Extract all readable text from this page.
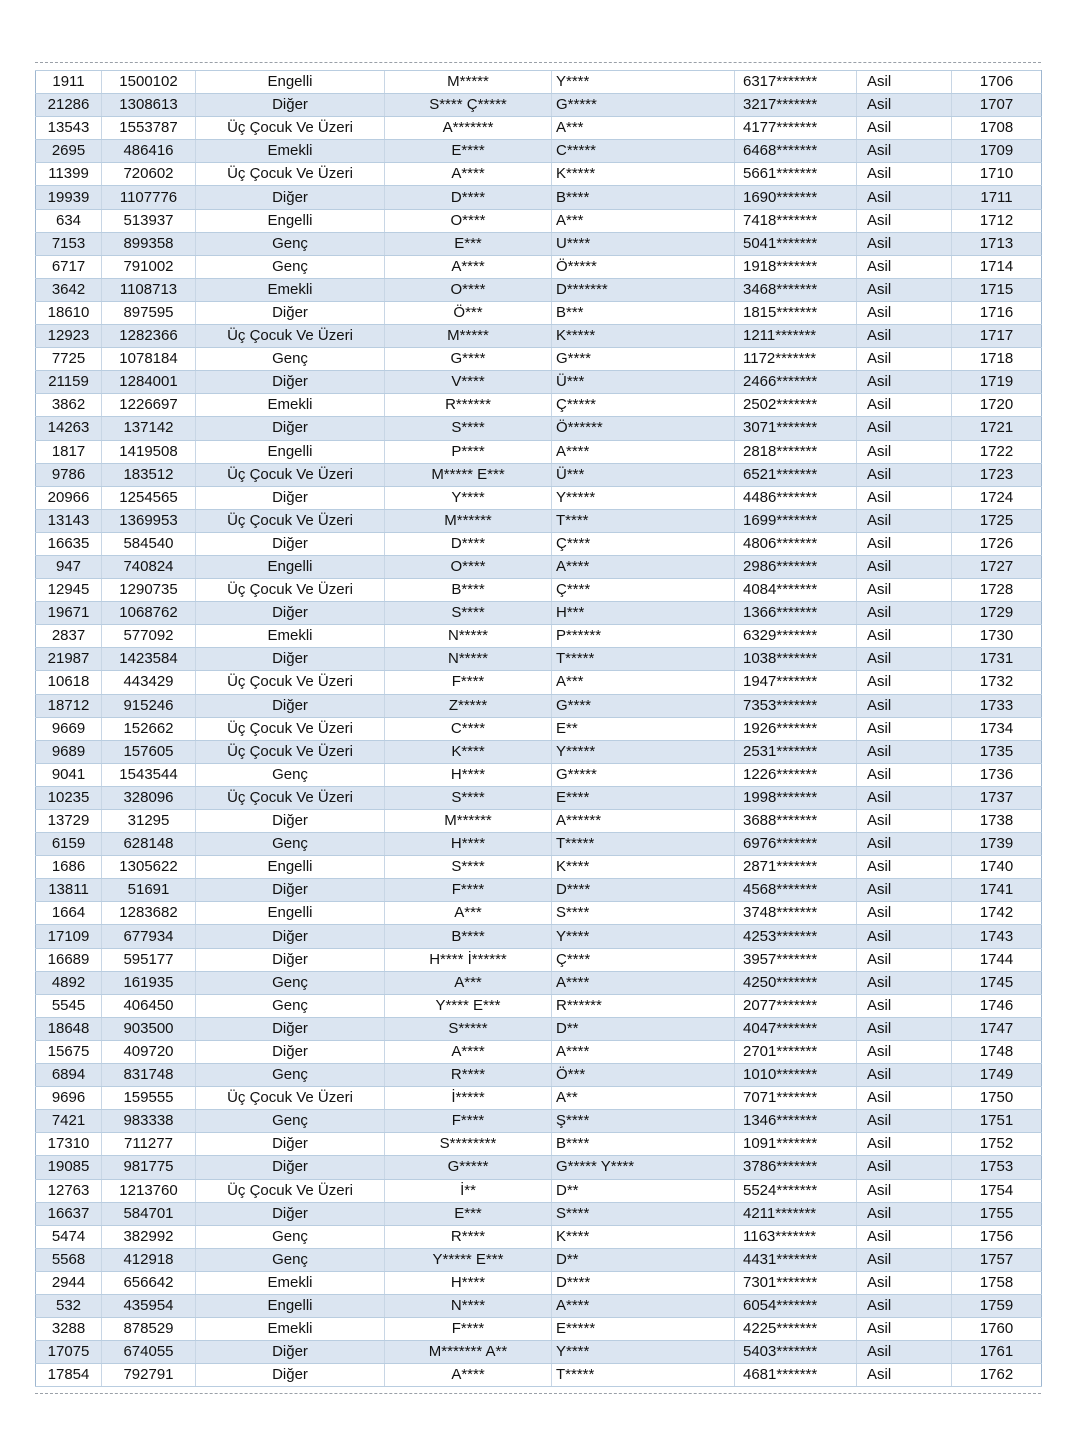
1911	1500102	Engelli	M*****	Y****	6317*******	Asil	1706
21286	1308613	Diğer	S**** Ç*****	G*****	3217*******	Asil	1707
13543	1553787	Üç Çocuk Ve Üzeri	A*******	A***	4177*******	Asil	1708
2695	486416	Emekli	E****	C*****	6468*******	Asil	1709
11399	720602	Üç Çocuk Ve Üzeri	A****	K*****	5661*******	Asil	1710
19939	1107776	Diğer	D****	B****	1690*******	Asil	1711
634	513937	Engelli	O****	A***	7418*******	Asil	1712
7153	899358	Genç	E***	U****	5041*******	Asil	1713
6717	791002	Genç	A****	Ö*****	1918*******	Asil	1714
3642	1108713	Emekli	O****	D*******	3468*******	Asil	1715
18610	897595	Diğer	Ö***	B***	1815*******	Asil	1716
12923	1282366	Üç Çocuk Ve Üzeri	M*****	K*****	1211*******	Asil	1717
7725	1078184	Genç	G****	G****	1172*******	Asil	1718
21159	1284001	Diğer	V****	Ü***	2466*******	Asil	1719
3862	1226697	Emekli	R******	Ç*****	2502*******	Asil	1720
14263	137142	Diğer	S****	Ö******	3071*******	Asil	1721
1817	1419508	Engelli	P****	A****	2818*******	Asil	1722
9786	183512	Üç Çocuk Ve Üzeri	M***** E***	Ü***	6521*******	Asil	1723
20966	1254565	Diğer	Y****	Y*****	4486*******	Asil	1724
13143	1369953	Üç Çocuk Ve Üzeri	M******	T****	1699*******	Asil	1725
16635	584540	Diğer	D****	Ç****	4806*******	Asil	1726
947	740824	Engelli	O****	A****	2986*******	Asil	1727
12945	1290735	Üç Çocuk Ve Üzeri	B****	Ç****	4084*******	Asil	1728
19671	1068762	Diğer	S****	H***	1366*******	Asil	1729
2837	577092	Emekli	N*****	P******	6329*******	Asil	1730
21987	1423584	Diğer	N*****	T*****	1038*******	Asil	1731
10618	443429	Üç Çocuk Ve Üzeri	F****	A***	1947*******	Asil	1732
18712	915246	Diğer	Z*****	G****	7353*******	Asil	1733
9669	152662	Üç Çocuk Ve Üzeri	C****	E**	1926*******	Asil	1734
9689	157605	Üç Çocuk Ve Üzeri	K****	Y*****	2531*******	Asil	1735
9041	1543544	Genç	H****	G*****	1226*******	Asil	1736
10235	328096	Üç Çocuk Ve Üzeri	S****	E****	1998*******	Asil	1737
13729	31295	Diğer	M******	A******	3688*******	Asil	1738
6159	628148	Genç	H****	T*****	6976*******	Asil	1739
1686	1305622	Engelli	S****	K****	2871*******	Asil	1740
13811	51691	Diğer	F****	D****	4568*******	Asil	1741
1664	1283682	Engelli	A***	S****	3748*******	Asil	1742
17109	677934	Diğer	B****	Y****	4253*******	Asil	1743
16689	595177	Diğer	H**** İ******	Ç****	3957*******	Asil	1744
4892	161935	Genç	A***	A****	4250*******	Asil	1745
5545	406450	Genç	Y**** E***	R******	2077*******	Asil	1746
18648	903500	Diğer	S*****	D**	4047*******	Asil	1747
15675	409720	Diğer	A****	A****	2701*******	Asil	1748
6894	831748	Genç	R****	Ö***	1010*******	Asil	1749
9696	159555	Üç Çocuk Ve Üzeri	İ*****	A**	7071*******	Asil	1750
7421	983338	Genç	F****	Ş****	1346*******	Asil	1751
17310	711277	Diğer	S********	B****	1091*******	Asil	1752
19085	981775	Diğer	G*****	G***** Y****	3786*******	Asil	1753
12763	1213760	Üç Çocuk Ve Üzeri	İ**	D**	5524*******	Asil	1754
16637	584701	Diğer	E***	S****	4211*******	Asil	1755
5474	382992	Genç	R****	K****	1163*******	Asil	1756
5568	412918	Genç	Y***** E***	D**	4431*******	Asil	1757
2944	656642	Emekli	H****	D****	7301*******	Asil	1758
532	435954	Engelli	N****	A****	6054*******	Asil	1759
3288	878529	Emekli	F****	E*****	4225*******	Asil	1760
17075	674055	Diğer	M******* A**	Y****	5403*******	Asil	1761
17854	792791	Diğer	A****	T*****	4681*******	Asil	1762
